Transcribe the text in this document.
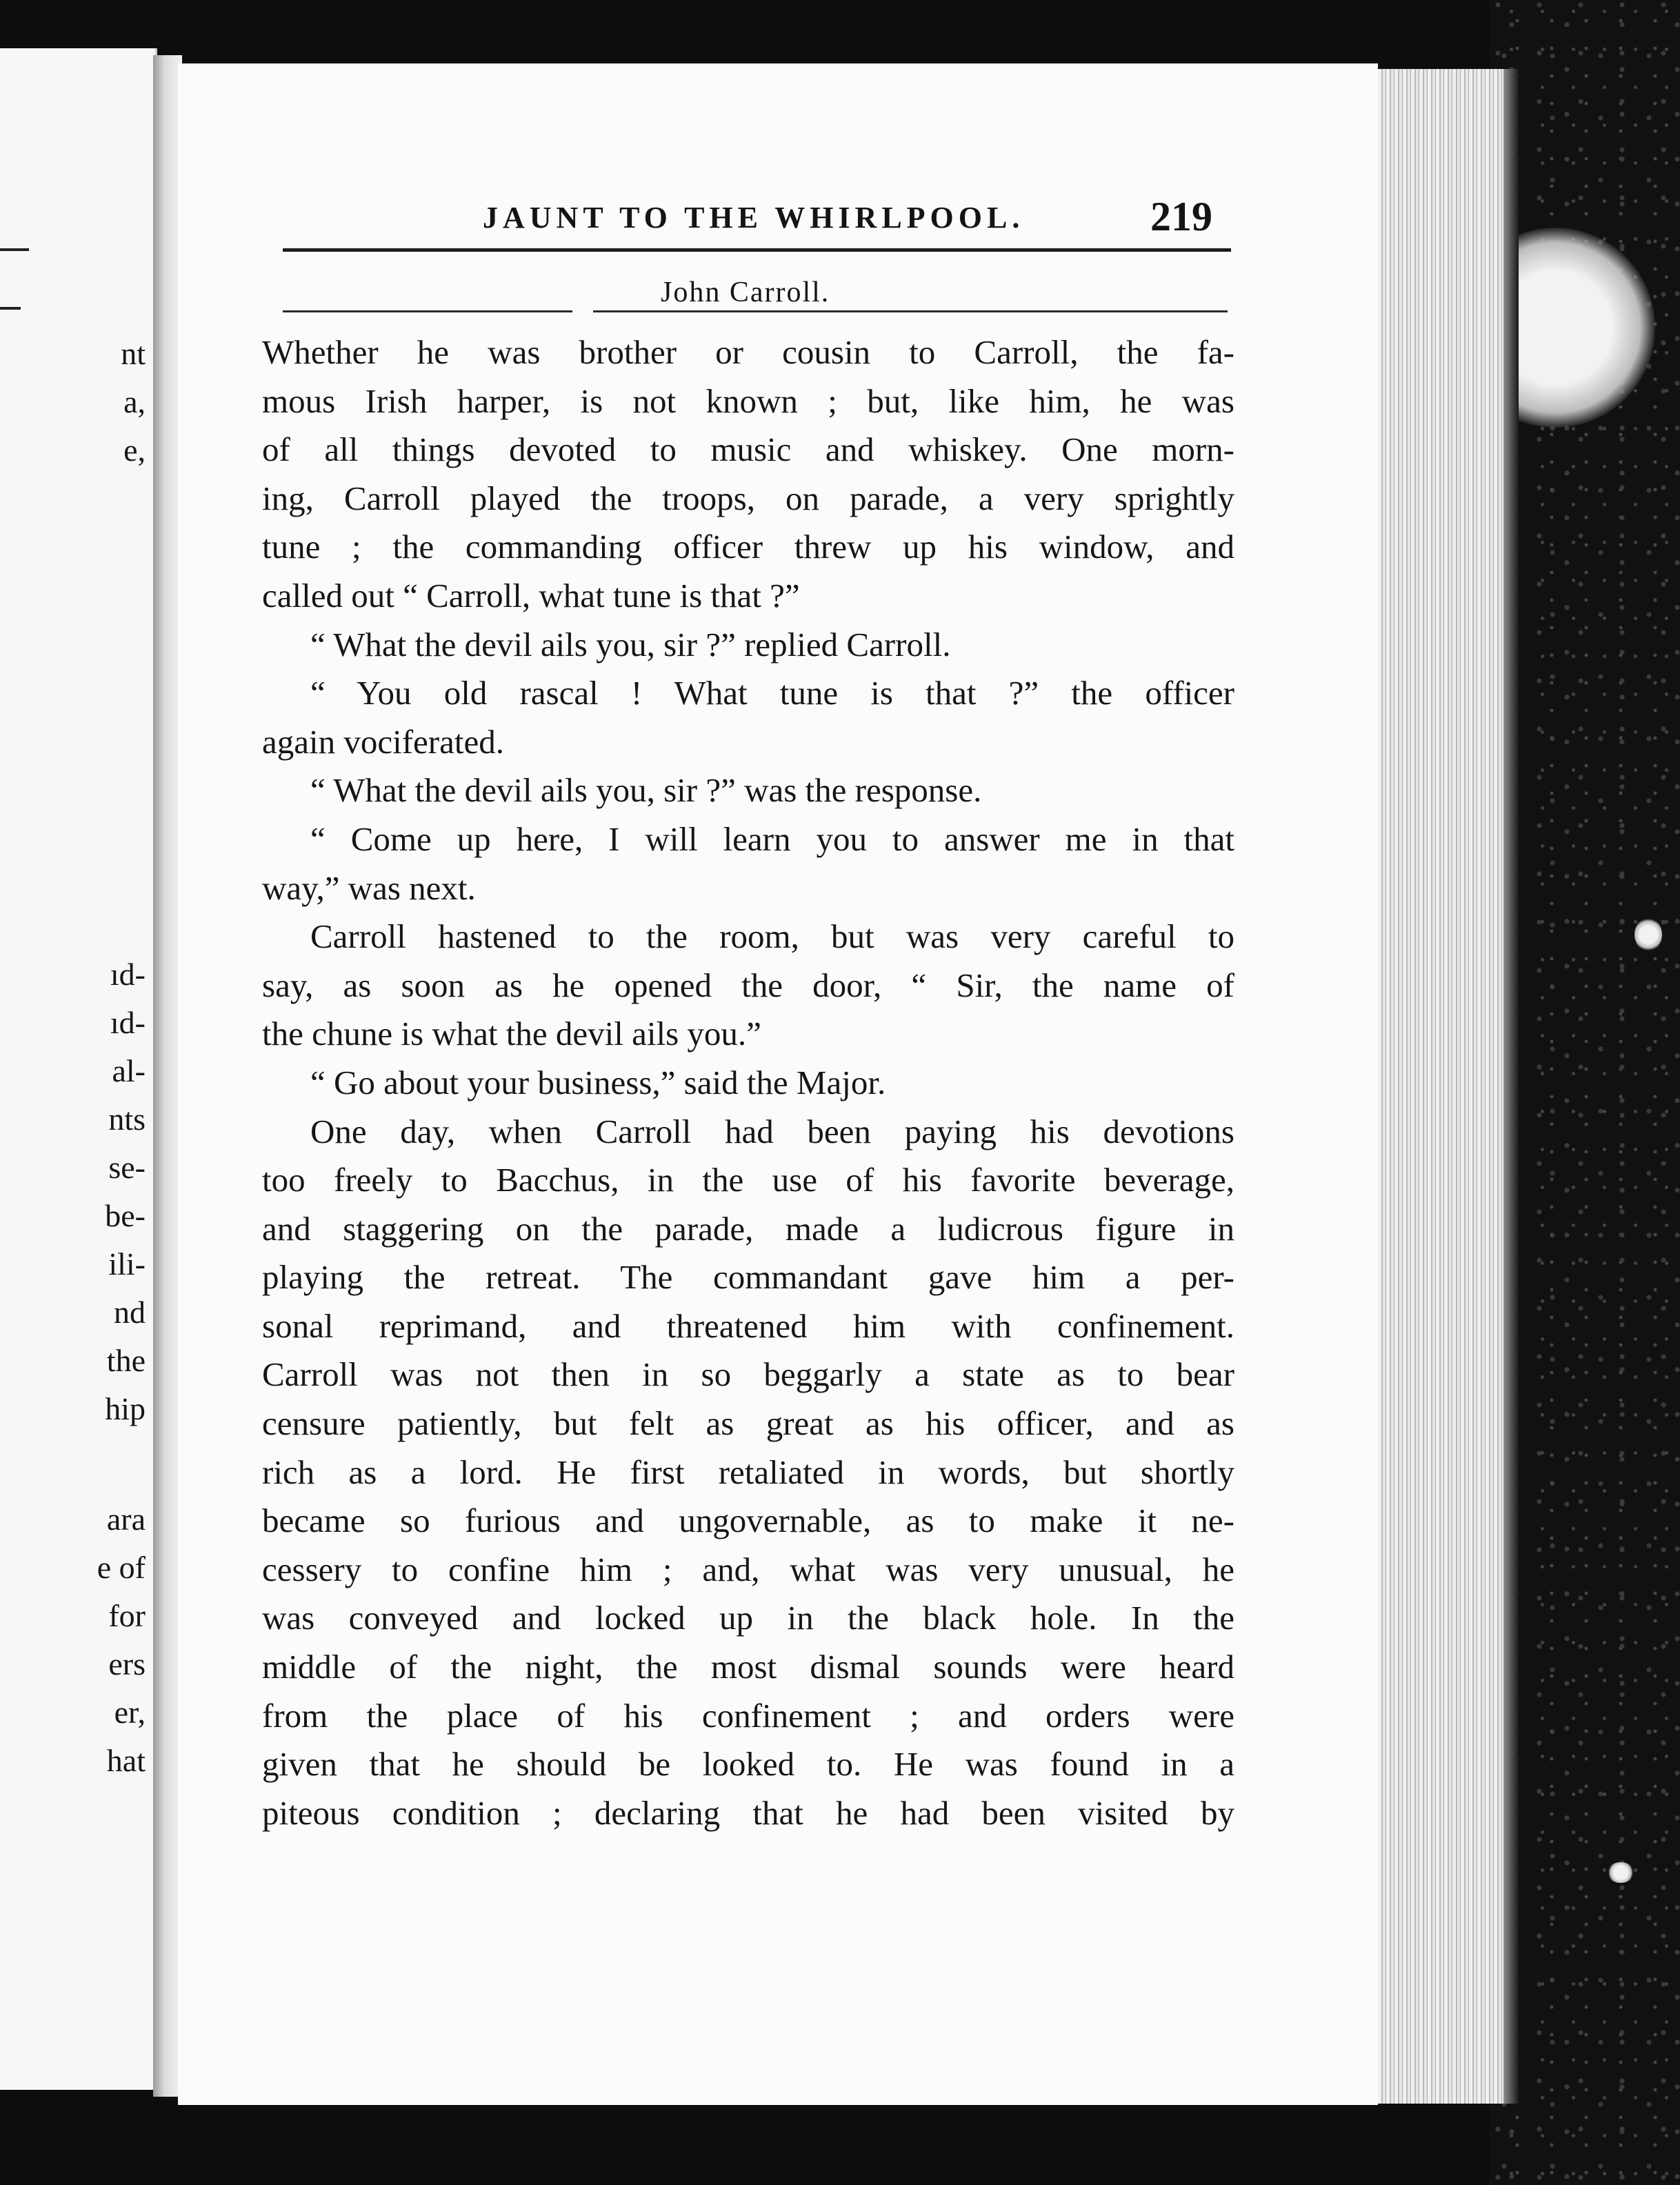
nt
a,
e,
ıd-
ıd-
al-
nts
se-
be-
ili-
nd
the
hip
ara
e of
for
ers
er,
hat
JAUNT TO THE WHIRLPOOL.	219
John Carroll.
Whether he was brother or cousin to Carroll, the fa-
mous Irish harper, is not known ; but, like him, he was
of all things devoted to music and whiskey. One morn-
ing, Carroll played the troops, on parade, a very sprightly
tune ; the commanding officer threw up his window, and
called out “ Carroll, what tune is that ?”
“ What the devil ails you, sir ?” replied Carroll.
“ You old rascal ! What tune is that ?” the officer
again vociferated.
“ What the devil ails you, sir ?” was the response.
“ Come up here, I will learn you to answer me in that
way,” was next.
Carroll hastened to the room, but was very careful to
say, as soon as he opened the door, “ Sir, the name of
the chune is what the devil ails you.”
“ Go about your business,” said the Major.
One day, when Carroll had been paying his devotions
too freely to Bacchus, in the use of his favorite beverage,
and staggering on the parade, made a ludicrous figure in
playing the retreat. The commandant gave him a per-
sonal reprimand, and threatened him with confinement.
Carroll was not then in so beggarly a state as to bear
censure patiently, but felt as great as his officer, and as
rich as a lord. He first retaliated in words, but shortly
became so furious and ungovernable, as to make it ne-
cessery to confine him ; and, what was very unusual, he
was conveyed and locked up in the black hole. In the
middle of the night, the most dismal sounds were heard
from the place of his confinement ; and orders were
given that he should be looked to. He was found in a
piteous condition ; declaring that he had been visited by
